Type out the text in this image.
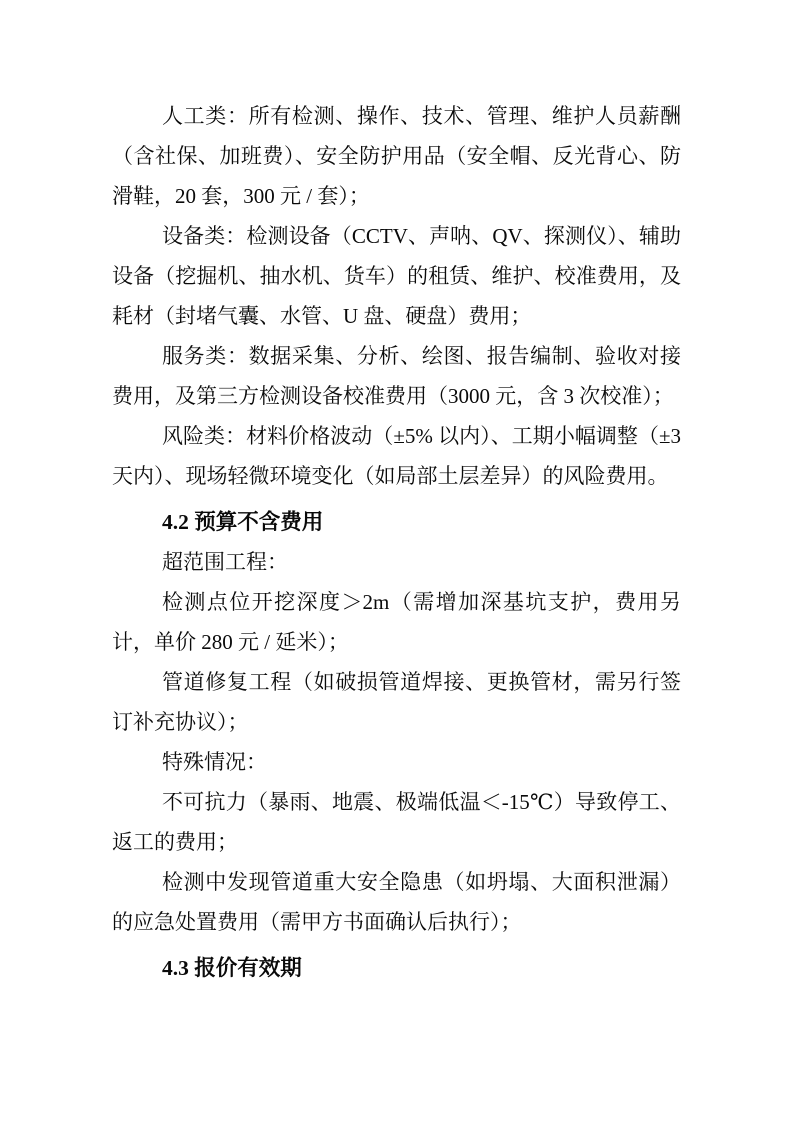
人工类：所有检测、操作、技术、管理、维护人员薪酬（含社保、加班费）、安全防护用品（安全帽、反光背心、防滑鞋，20 套，300 元 / 套）；

设备类：检测设备（CCTV、声呐、QV、探测仪）、辅助设备（挖掘机、抽水机、货车）的租赁、维护、校准费用，及耗材（封堵气囊、水管、U 盘、硬盘）费用；

服务类：数据采集、分析、绘图、报告编制、验收对接费用，及第三方检测设备校准费用（3000 元，含 3 次校准）；

风险类：材料价格波动（±5% 以内）、工期小幅调整（±3 天内）、现场轻微环境变化（如局部土层差异）的风险费用。

4.2 预算不含费用

超范围工程：

检测点位开挖深度＞2m（需增加深基坑支护，费用另计，单价 280 元 / 延米）；

管道修复工程（如破损管道焊接、更换管材，需另行签订补充协议）；

特殊情况：

不可抗力（暴雨、地震、极端低温＜-15℃）导致停工、返工的费用；

检测中发现管道重大安全隐患（如坍塌、大面积泄漏）的应急处置费用（需甲方书面确认后执行）；

4.3 报价有效期
